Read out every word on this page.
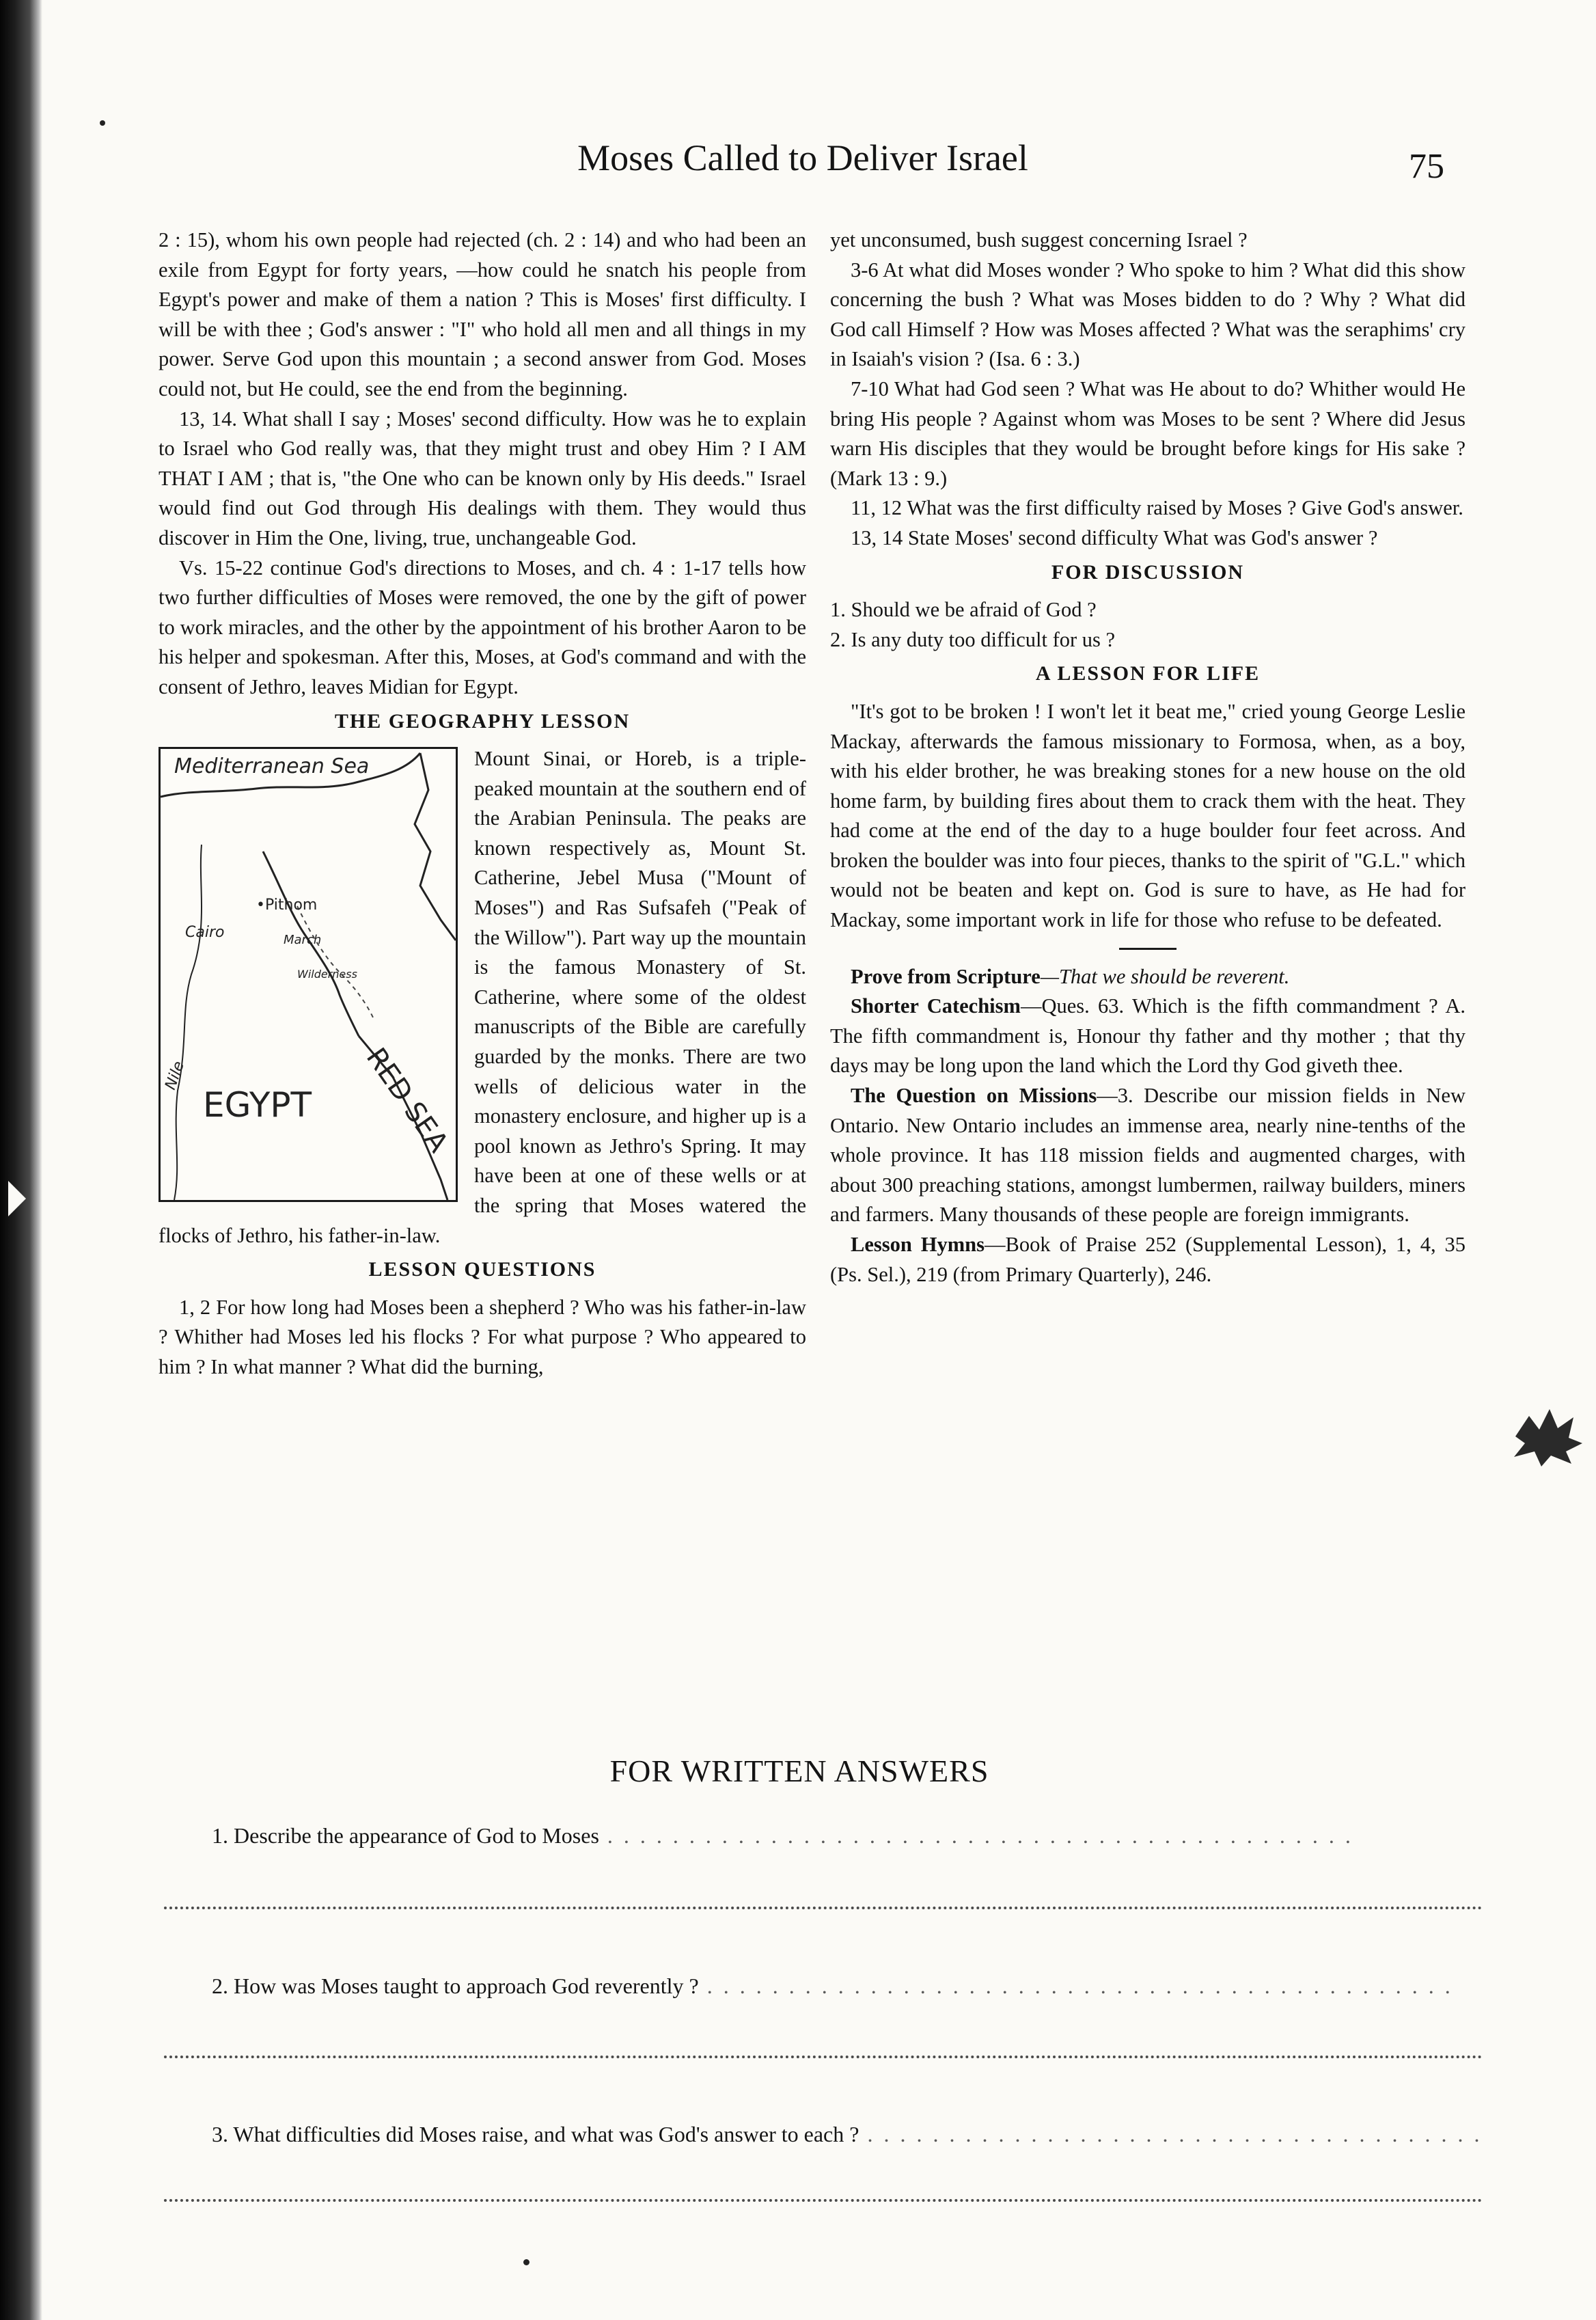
Moses Called to Deliver Israel	75

2 : 15), whom his own people had rejected (ch. 2 : 14) and who had been an exile from Egypt for forty years, —how could he snatch his people from Egypt's power and make of them a nation ? This is Moses' first difficulty. I will be with thee ; God's answer : "I" who hold all men and all things in my power. Serve God upon this mountain ; a second answer from God. Moses could not, but He could, see the end from the beginning.

13, 14. What shall I say ; Moses' second difficulty. How was he to explain to Israel who God really was, that they might trust and obey Him ? I AM THAT I AM ; that is, "the One who can be known only by His deeds." Israel would find out God through His dealings with them. They would thus discover in Him the One, living, true, unchangeable God.

Vs. 15-22 continue God's directions to Moses, and ch. 4 : 1-17 tells how two further difficulties of Moses were removed, the one by the gift of power to work miracles, and the other by the appointment of his brother Aaron to be his helper and spokesman. After this, Moses, at God's command and with the consent of Jethro, leaves Midian for Egypt.

THE GEOGRAPHY LESSON
Mediterranean Sea
•Pithom
Cairo	March
Wilderness
Nile
EGYPT RED SEA

Mount Sinai, or Horeb, is a triple-peaked mountain at the southern end of the Arabian Peninsula. The peaks are known respectively as, Mount St. Catherine, Jebel Musa ("Mount of Moses") and Ras Sufsafeh ("Peak of the Willow"). Part way up the mountain is the famous Monastery of St. Catherine, where some of the oldest manuscripts of the Bible are carefully guarded by the monks. There are two wells of delicious water in the monastery enclosure, and higher up is a pool known as Jethro's Spring. It may have been at one of these wells or at the spring that Moses watered the flocks of Jethro, his father-in-law.

LESSON QUESTIONS

1, 2 For how long had Moses been a shepherd ? Who was his father-in-law ? Whither had Moses led his flocks ? For what purpose ? Who appeared to him ? In what manner ? What did the burning,

yet unconsumed, bush suggest concerning Israel ?

3-6 At what did Moses wonder ? Who spoke to him ? What did this show concerning the bush ? What was Moses bidden to do ? Why ? What did God call Himself ? How was Moses affected ? What was the seraphims' cry in Isaiah's vision ? (Isa. 6 : 3.)

7-10 What had God seen ? What was He about to do? Whither would He bring His people ? Against whom was Moses to be sent ? Where did Jesus warn His disciples that they would be brought before kings for His sake ? (Mark 13 : 9.)

11, 12 What was the first difficulty raised by Moses ? Give God's answer.

13, 14 State Moses' second difficulty What was God's answer ?

FOR DISCUSSION

1. Should we be afraid of God ?

2. Is any duty too difficult for us ?

A LESSON FOR LIFE

"It's got to be broken ! I won't let it beat me," cried young George Leslie Mackay, afterwards the famous missionary to Formosa, when, as a boy, with his elder brother, he was breaking stones for a new house on the old home farm, by building fires about them to crack them with the heat. They had come at the end of the day to a huge boulder four feet across. And broken the boulder was into four pieces, thanks to the spirit of "G.L." which would not be beaten and kept on. God is sure to have, as He had for Mackay, some important work in life for those who refuse to be defeated.

Prove from Scripture—That we should be reverent.

Shorter Catechism—Ques. 63. Which is the fifth commandment ? A. The fifth commandment is, Honour thy father and thy mother ; that thy days may be long upon the land which the Lord thy God giveth thee.

The Question on Missions—3. Describe our mission fields in New Ontario. New Ontario includes an immense area, nearly nine-tenths of the whole province. It has 118 mission fields and augmented charges, with about 300 preaching stations, amongst lumbermen, railway builders, miners and farmers. Many thousands of these people are foreign immigrants.

Lesson Hymns—Book of Praise 252 (Supplemental Lesson), 1, 4, 35 (Ps. Sel.), 219 (from Primary Quarterly), 246.

FOR WRITTEN ANSWERS
1. Describe the appearance of God to Moses . . . . . . . . . . . . . . . . . . . . . . . . . . . . . . . . . . . . . . . . . . . . . .
2. How was Moses taught to approach God reverently ? . . . . . . . . . . . . . . . . . . . . . . . . . . . . . . . . . . . . . . . . . . . . . .
3. What difficulties did Moses raise, and what was God's answer to each ? . . . . . . . . . . . . . . . . . . . . . . . . . . . . . . . . . . . . . .
